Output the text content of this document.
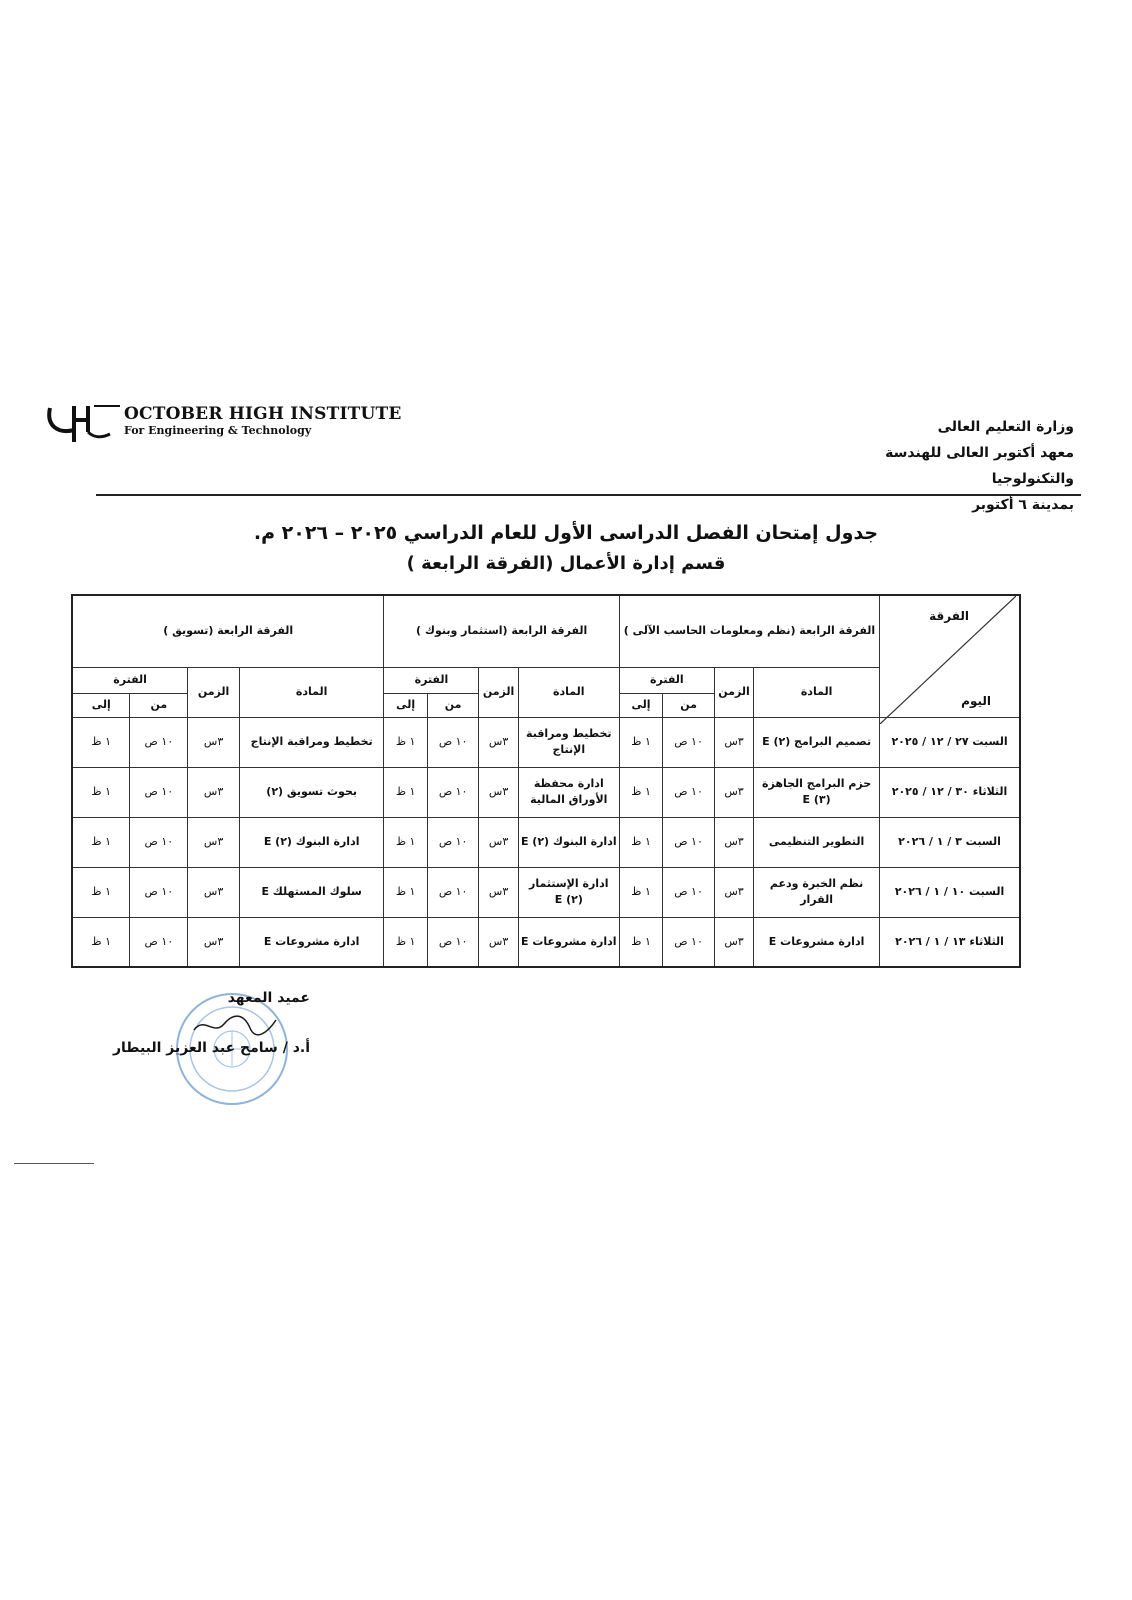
OCTOBER HIGH INSTITUTE
For Engineering & Technology	وزارة التعليم العالى
معهد أكتوبر العالى للهندسة والتكنولوجيا
بمدينة ٦ أكتوبر
جدول إمتحان الفصل الدراسى الأول للعام الدراسي ٢٠٢٥ – ٢٠٢٦ م.
قسم إدارة الأعمال (الفرقة الرابعة )
الفرقة
اليوم	الفرقة الرابعة (نظم ومعلومات الحاسب الآلى )				الفرقة الرابعة (استثمار وبنوك )				الفرقة الرابعة (تسويق )			
	المادة	الزمن	الفترة		المادة	الزمن	الفترة		المادة	الزمن	الفترة	
			من	إلى			من	إلى			من	إلى
السبت ٢٧ / ١٢ / ٢٠٢٥	تصميم البرامج (٢) E	٣س	١٠ ص	١ ظ	تخطيط ومراقبة الإنتاج	٣س	١٠ ص	١ ظ	تخطيط ومراقبة الإنتاج	٣س	١٠ ص	١ ظ
الثلاثاء ٣٠ / ١٢ / ٢٠٢٥	حزم البرامج الجاهزة (٣) E	٣س	١٠ ص	١ ظ	ادارة محفظة الأوراق المالية	٣س	١٠ ص	١ ظ	بحوث تسويق (٢)	٣س	١٠ ص	١ ظ
السبت ٣ / ١ / ٢٠٢٦	التطوير التنظيمى	٣س	١٠ ص	١ ظ	ادارة البنوك (٢) E	٣س	١٠ ص	١ ظ	ادارة البنوك (٢) E	٣س	١٠ ص	١ ظ
السبت ١٠ / ١ / ٢٠٢٦	نظم الخبرة ودعم القرار	٣س	١٠ ص	١ ظ	ادارة الإستثمار (٢) E	٣س	١٠ ص	١ ظ	سلوك المستهلك E	٣س	١٠ ص	١ ظ
الثلاثاء ١٣ / ١ / ٢٠٢٦	ادارة مشروعات E	٣س	١٠ ص	١ ظ	ادارة مشروعات E	٣س	١٠ ص	١ ظ	ادارة مشروعات E	٣س	١٠ ص	١ ظ
عميد المعهد
أ.د / سامح عبد العزيز البيطار
